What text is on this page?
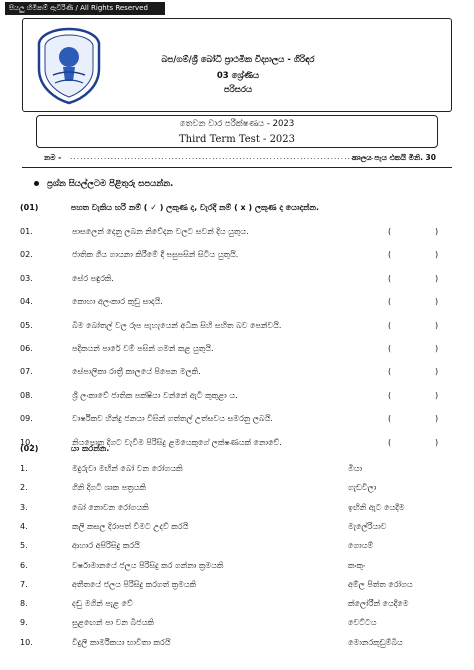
සියලු හිමිකම් ඇවිරිණි / All Rights Reserved
බප/ගම්/ශ්‍රී බෝධි ප්‍රාථමික විද්‍යාලය - ගිරිඳර
03 ශ්‍රේණිය
පරිසරය
තෙවන වාර පරීක්ෂණය - 2023
Third Term Test - 2023
නම - ..........................................................................................
කාලය පැය එකයි මිනි. 30
ප්‍රශ්න සියල්ලටම පිළිතුරු සපයන්න.
(01)	පහත වැකිය හරි නම් ( ✓ ) ලකුණ ද, වැරදි නම් ( x ) ලකුණ ද යොදන්න.
01.	පාසලෙන් දෙනු ලබන නිවේදන වලට සවන් දිය යුතුය.	(	)
02.	ජාතික ගීය ගායනා කිරීමේ දී පසුපසින් සිටිය යුතුයි.	(	)
03.	සේර පඳුරකි.	(	)
04.	කොහා අලංකාර කුඩු සාදයි.	(	)
05.	බිම බෝතල් වල රූප පැහැයෙන් අධික සිහි සහිත බව පෙන්වයි.	(	)
06.	පදිකයන් පාරේ වම් පසින් ගමන් කළ යුතුයි.	(	)
07.	සේපාලිකා රාත්‍රී කාලයේ පිපෙන මලකි.	(	)
08.	ශ්‍රී ලංකාවේ ජාතික පක්ෂියා වන්නේ ඇටි කුකුළා ය.	(	)
09.	වාර්ෂිකව හින්දු ජනයා විසින් ගත්තල් උත්සවය සමරනු ලබයි.	(	)
10.	නියපොතු දිගට වැවීම පිරිසිදු ළමයෙකුගේ ලක්ෂණයක් නොවේ.	(	)
(02)	යා කරන්න.
1.	මදුරුවා මඟින් බෝ වන රෝගයකි	මියා
2.	ගිනි දිගටි ශාක පත්‍රයකි	ගැඩවිලා
3.	බෝ නොවන රෝගයකි	ඉඟිනි ඇට යෙදීම
4.	කලි කසල දිරාපත් වීමට උදව් කරයි	මැලේරියාව
5.	ආහාර අපිරිසිදු කරයි	ගොයම්
6.	වර්ෂාමානයේ ජලය පිරිසිදු කර ගන්නා ක්‍රමයකි	කංකුං
7.	අතීතයේ ජලය පිරිසිදු කරගත් ක්‍රමයකි	අම්ල පිත්ත රෝගය
8.	දඬු මගින් පැළ වේ	ක්ලෝරීන් යෙදීමෙ
9.	සුළඟෙන් පා වන බීජයකි	වෙට්ටය
10.	විදුලි කාර්මිකයා භාවිතා කරයි	මොනරකුඩුම්බිය
